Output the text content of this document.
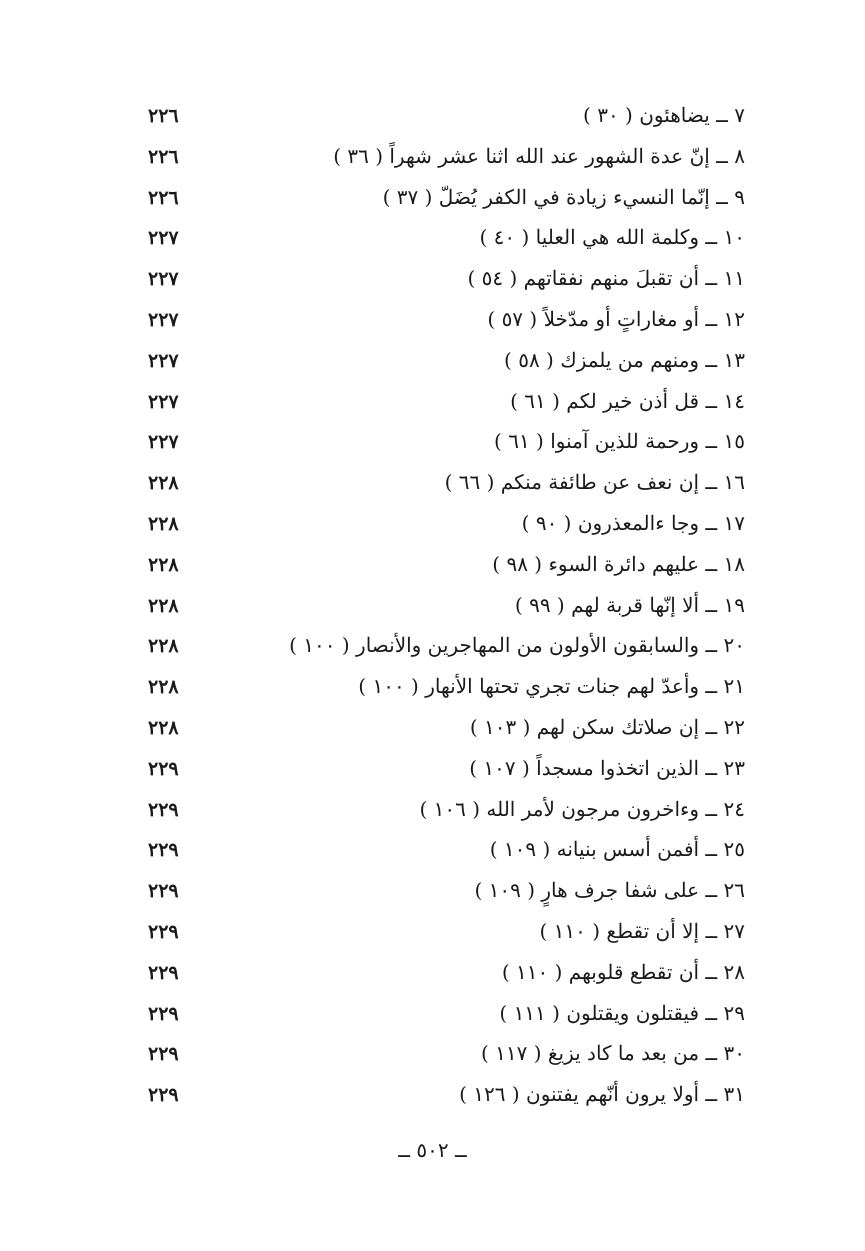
٧ ــ يضاهئون ( ٣٠ )
٢٢٦
٨ ــ إنّ عدة الشهور عند الله اثنا عشر شهراً ( ٣٦ )
٢٢٦
٩ ــ إنّما النسيء زيادة في الكفر يُضَلّ ( ٣٧ )
٢٢٦
١٠ ــ وكلمة الله هي العليا ( ٤٠ )
٢٢٧
١١ ــ أن تقبلَ منهم نفقاتهم ( ٥٤ )
٢٢٧
١٢ ــ أو مغاراتٍ أو مدّخلاً ( ٥٧ )
٢٢٧
١٣ ــ ومنهم من يلمزك ( ٥٨ )
٢٢٧
١٤ ــ قل أذن خير لكم ( ٦١ )
٢٢٧
١٥ ــ ورحمة للذين آمنوا ( ٦١ )
٢٢٧
١٦ ــ إن نعف عن طائفة منكم ( ٦٦ )
٢٢٨
١٧ ــ وجا ءالمعذرون ( ٩٠ )
٢٢٨
١٨ ــ عليهم دائرة السوء ( ٩٨ )
٢٢٨
١٩ ــ ألا إنّها قربة لهم ( ٩٩ )
٢٢٨
٢٠ ــ والسابقون الأولون من المهاجرين والأنصار ( ١٠٠ )
٢٢٨
٢١ ــ وأعدّ لهم جنات تجري تحتها الأنهار ( ١٠٠ )
٢٢٨
٢٢ ــ إن صلاتك سكن لهم ( ١٠٣ )
٢٢٨
٢٣ ــ الذين اتخذوا مسجداً ( ١٠٧ )
٢٢٩
٢٤ ــ وءاخرون مرجون لأمر الله ( ١٠٦ )
٢٢٩
٢٥ ــ أفمن أسس بنيانه ( ١٠٩ )
٢٢٩
٢٦ ــ على شفا جرف هارٍ ( ١٠٩ )
٢٢٩
٢٧ ــ إلا أن تقطع ( ١١٠ )
٢٢٩
٢٨ ــ أن تقطع قلوبهم ( ١١٠ )
٢٢٩
٢٩ ــ فيقتلون ويقتلون ( ١١١ )
٢٢٩
٣٠ ــ من بعد ما كاد يزيغ ( ١١٧ )
٢٢٩
٣١ ــ أولا يرون أنّهم يفتنون ( ١٢٦ )
٢٢٩
ــ ٥٠٢ ــ
